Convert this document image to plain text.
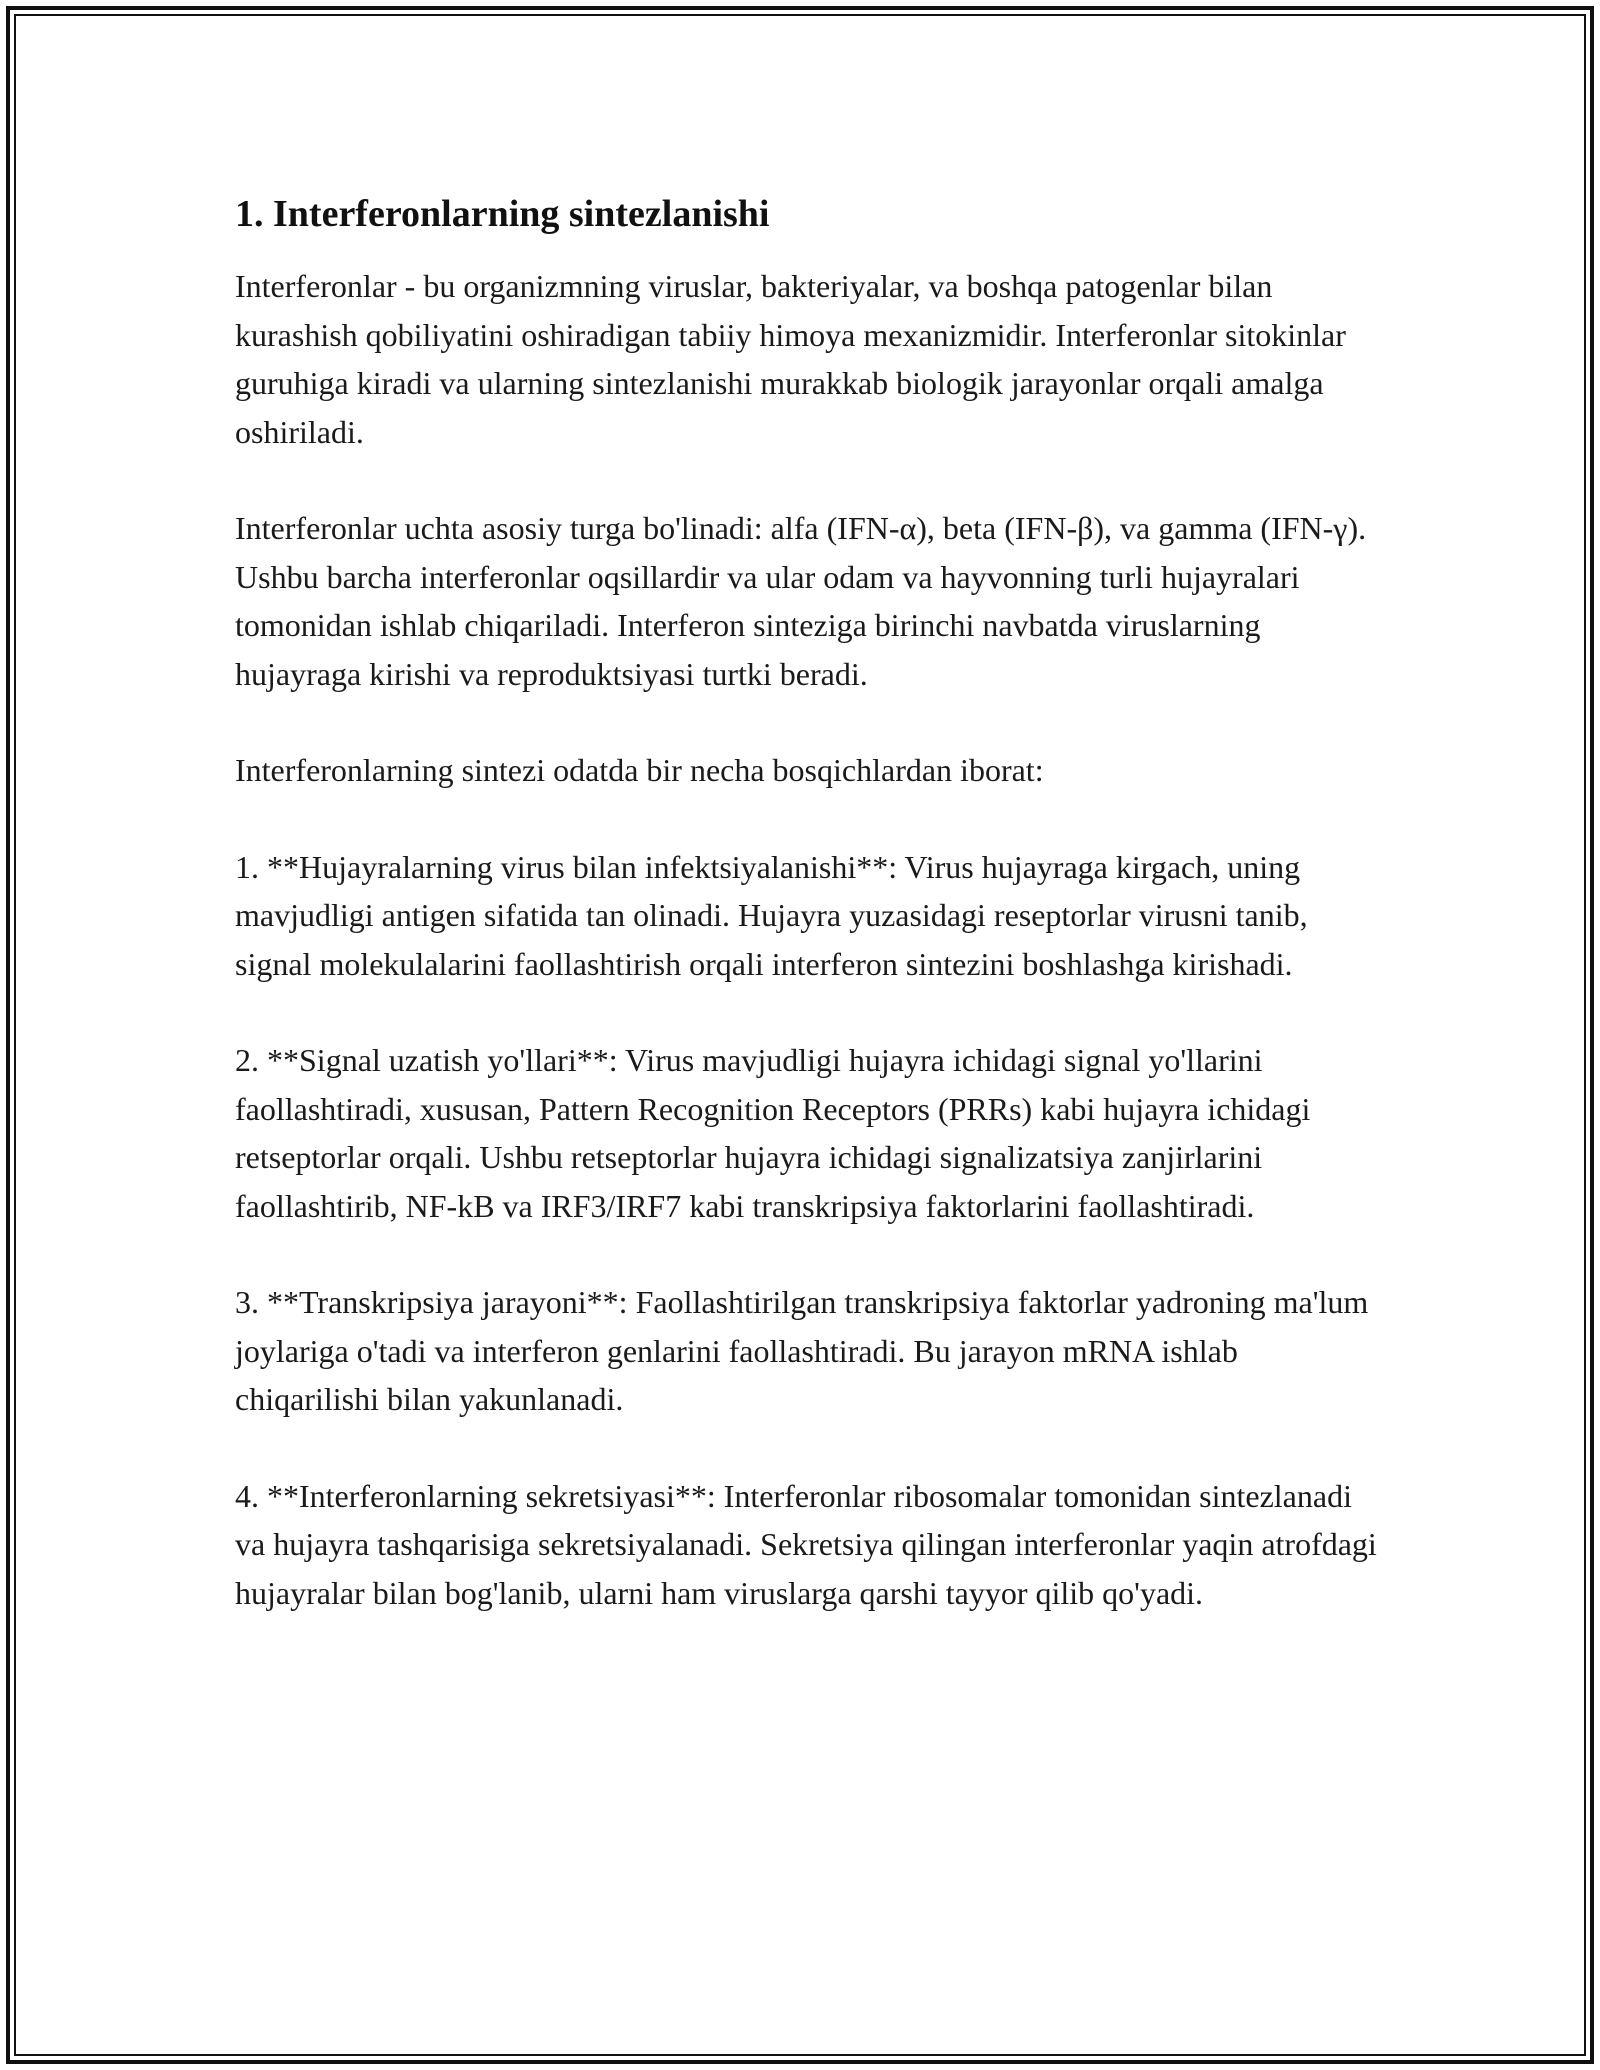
1. Interferonlarning sintezlanishi

Interferonlar - bu organizmning viruslar, bakteriyalar, va boshqa patogenlar bilan kurashish qobiliyatini oshiradigan tabiiy himoya mexanizmidir. Interferonlar sitokinlar guruhiga kiradi va ularning sintezlanishi murakkab biologik jarayonlar orqali amalga oshiriladi.

Interferonlar uchta asosiy turga bo'linadi: alfa (IFN-α), beta (IFN-β), va gamma (IFN-γ). Ushbu barcha interferonlar oqsillardir va ular odam va hayvonning turli hujayralari tomonidan ishlab chiqariladi. Interferon sinteziga birinchi navbatda viruslarning hujayraga kirishi va reproduktsiyasi turtki beradi.

Interferonlarning sintezi odatda bir necha bosqichlardan iborat:

1. **Hujayralarning virus bilan infektsiyalanishi**: Virus hujayraga kirgach, uning mavjudligi antigen sifatida tan olinadi. Hujayra yuzasidagi reseptorlar virusni tanib, signal molekulalarini faollashtirish orqali interferon sintezini boshlashga kirishadi.

2. **Signal uzatish yo'llari**: Virus mavjudligi hujayra ichidagi signal yo'llarini faollashtiradi, xususan, Pattern Recognition Receptors (PRRs) kabi hujayra ichidagi retseptorlar orqali. Ushbu retseptorlar hujayra ichidagi signalizatsiya zanjirlarini faollashtirib, NF-kB va IRF3/IRF7 kabi transkripsiya faktorlarini faollashtiradi.

3. **Transkripsiya jarayoni**: Faollashtirilgan transkripsiya faktorlar yadroning ma'lum joylariga o'tadi va interferon genlarini faollashtiradi. Bu jarayon mRNA ishlab chiqarilishi bilan yakunlanadi.

4. **Interferonlarning sekretsiyasi**: Interferonlar ribosomalar tomonidan sintezlanadi va hujayra tashqarisiga sekretsiyalanadi. Sekretsiya qilingan interferonlar yaqin atrofdagi hujayralar bilan bog'lanib, ularni ham viruslarga qarshi tayyor qilib qo'yadi.
